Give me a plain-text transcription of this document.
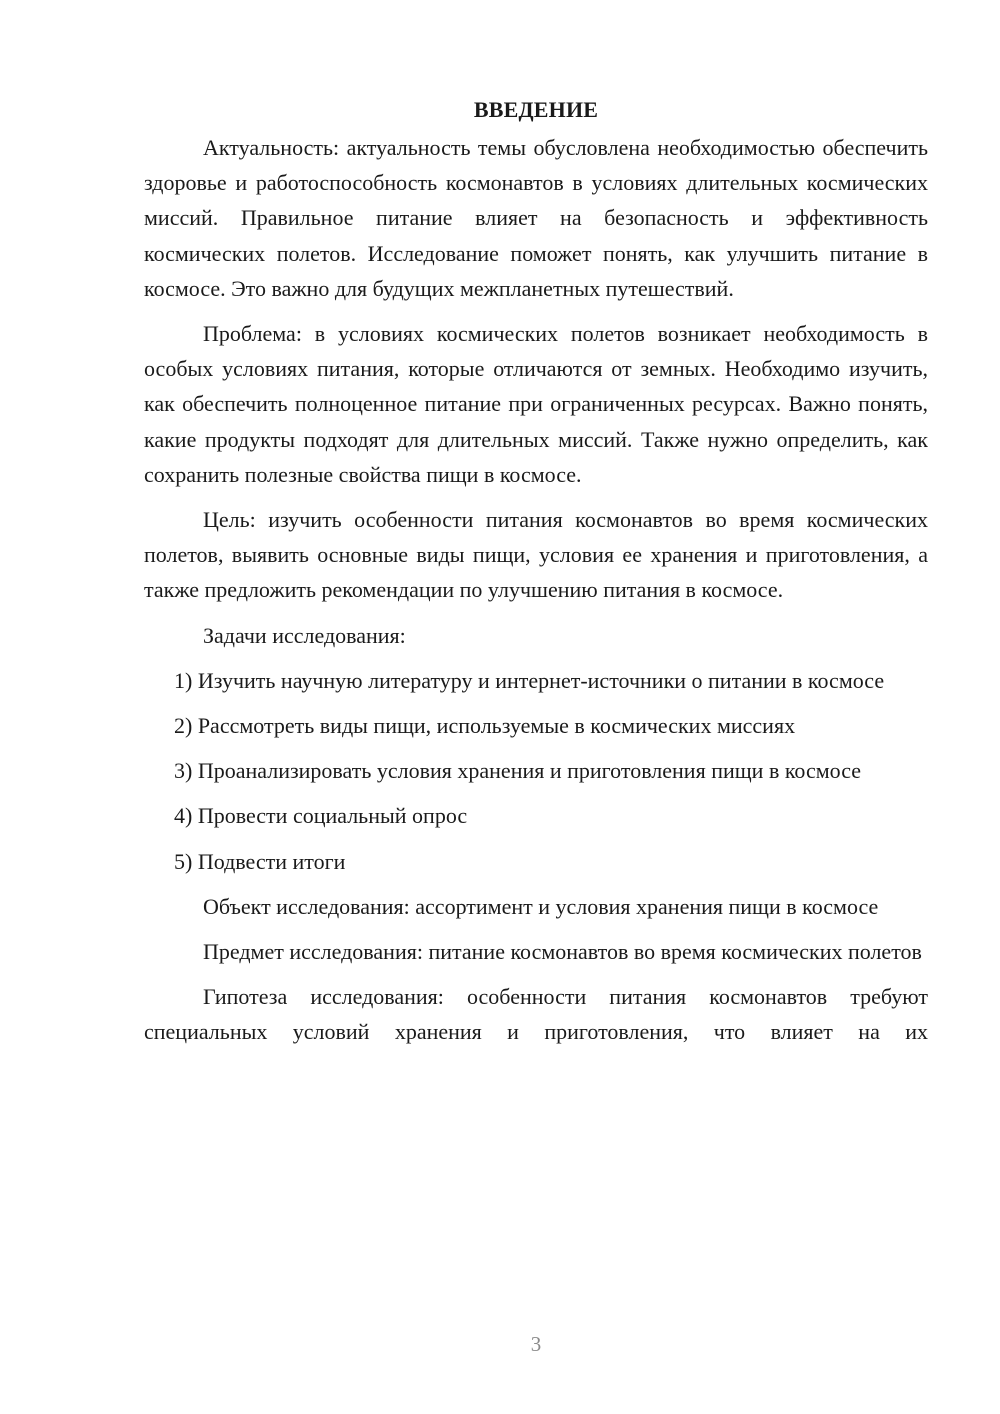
ВВЕДЕНИЕ

Актуальность: актуальность темы обусловлена необходимостью обеспечить здоровье и работоспособность космонавтов в условиях длительных космических миссий. Правильное питание влияет на безопасность и эффективность космических полетов. Исследование поможет понять, как улучшить питание в космосе. Это важно для будущих межпланетных путешествий.

Проблема: в условиях космических полетов возникает необходимость в особых условиях питания, которые отличаются от земных. Необходимо изучить, как обеспечить полноценное питание при ограниченных ресурсах. Важно понять, какие продукты подходят для длительных миссий. Также нужно определить, как сохранить полезные свойства пищи в космосе.

Цель: изучить особенности питания космонавтов во время космических полетов, выявить основные виды пищи, условия ее хранения и приготовления, а также предложить рекомендации по улучшению питания в космосе.

Задачи исследования:

1) Изучить научную литературу и интернет-источники о питании в космосе

2) Рассмотреть виды пищи, используемые в космических миссиях

3) Проанализировать условия хранения и приготовления пищи в космосе

4) Провести социальный опрос

5) Подвести итоги

Объект исследования: ассортимент и условия хранения пищи в космосе

Предмет исследования: питание космонавтов во время космических полетов

Гипотеза исследования: особенности питания космонавтов требуют специальных условий хранения и приготовления, что влияет на их

3
